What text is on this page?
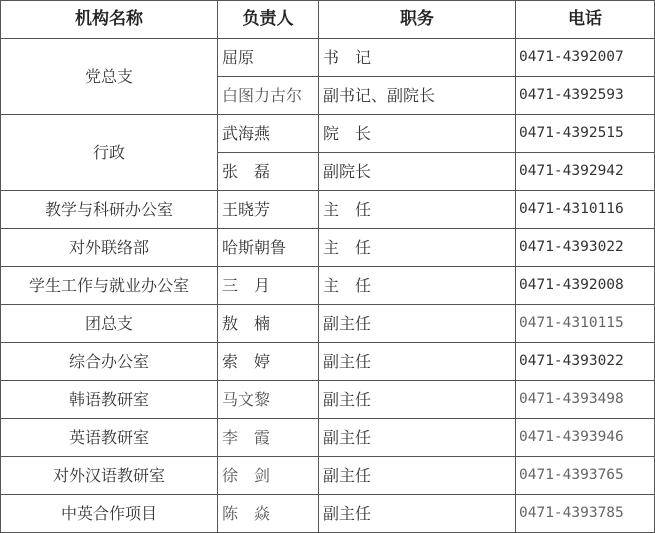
机构名称	负责人	职务	电话
党总支	屈原	书　记	0471-4392007
	白图力古尔	副书记、副院长	0471-4392593
行政	武海燕	院　长	0471-4392515
	张　磊	副院长	0471-4392942
教学与科研办公室	王晓芳	主　任	0471-4310116
对外联络部	哈斯朝鲁	主　任	0471-4393022
学生工作与就业办公室	三　月	主　任	0471-4392008
团总支	敖　楠	副主任	0471-4310115
综合办公室	索　婷	副主任	0471-4393022
韩语教研室	马文黎	副主任	0471-4393498
英语教研室	李　霞	副主任	0471-4393946
对外汉语教研室	徐　剑	副主任	0471-4393765
中英合作项目	陈　焱	副主任	0471-4393785
